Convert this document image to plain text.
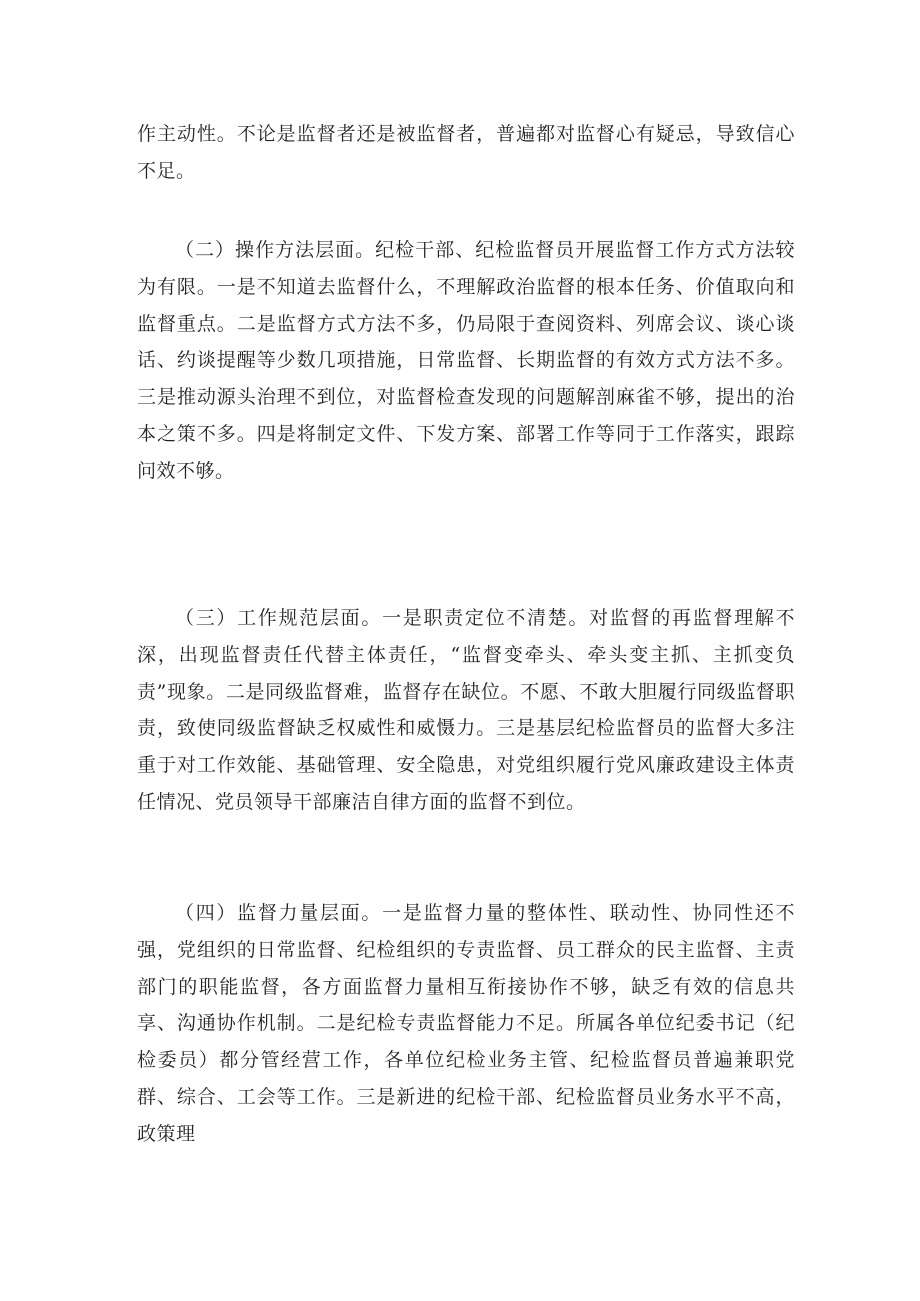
作主动性。不论是监督者还是被监督者，普遍都对监督心有疑忌，导致信心不足。

（二）操作方法层面。纪检干部、纪检监督员开展监督工作方式方法较为有限。一是不知道去监督什么，不理解政治监督的根本任务、价值取向和监督重点。二是监督方式方法不多，仍局限于查阅资料、列席会议、谈心谈话、约谈提醒等少数几项措施，日常监督、长期监督的有效方式方法不多。三是推动源头治理不到位，对监督检查发现的问题解剖麻雀不够，提出的治本之策不多。四是将制定文件、下发方案、部署工作等同于工作落实，跟踪问效不够。

（三）工作规范层面。一是职责定位不清楚。对监督的再监督理解不深，出现监督责任代替主体责任，“监督变牵头、牵头变主抓、主抓变负责”现象。二是同级监督难，监督存在缺位。不愿、不敢大胆履行同级监督职责，致使同级监督缺乏权威性和威慑力。三是基层纪检监督员的监督大多注重于对工作效能、基础管理、安全隐患，对党组织履行党风廉政建设主体责任情况、党员领导干部廉洁自律方面的监督不到位。

（四）监督力量层面。一是监督力量的整体性、联动性、协同性还不强，党组织的日常监督、纪检组织的专责监督、员工群众的民主监督、主责部门的职能监督，各方面监督力量相互衔接协作不够，缺乏有效的信息共享、沟通协作机制。二是纪检专责监督能力不足。所属各单位纪委书记（纪检委员）都分管经营工作，各单位纪检业务主管、纪检监督员普遍兼职党群、综合、工会等工作。三是新进的纪检干部、纪检监督员业务水平不高，政策理
